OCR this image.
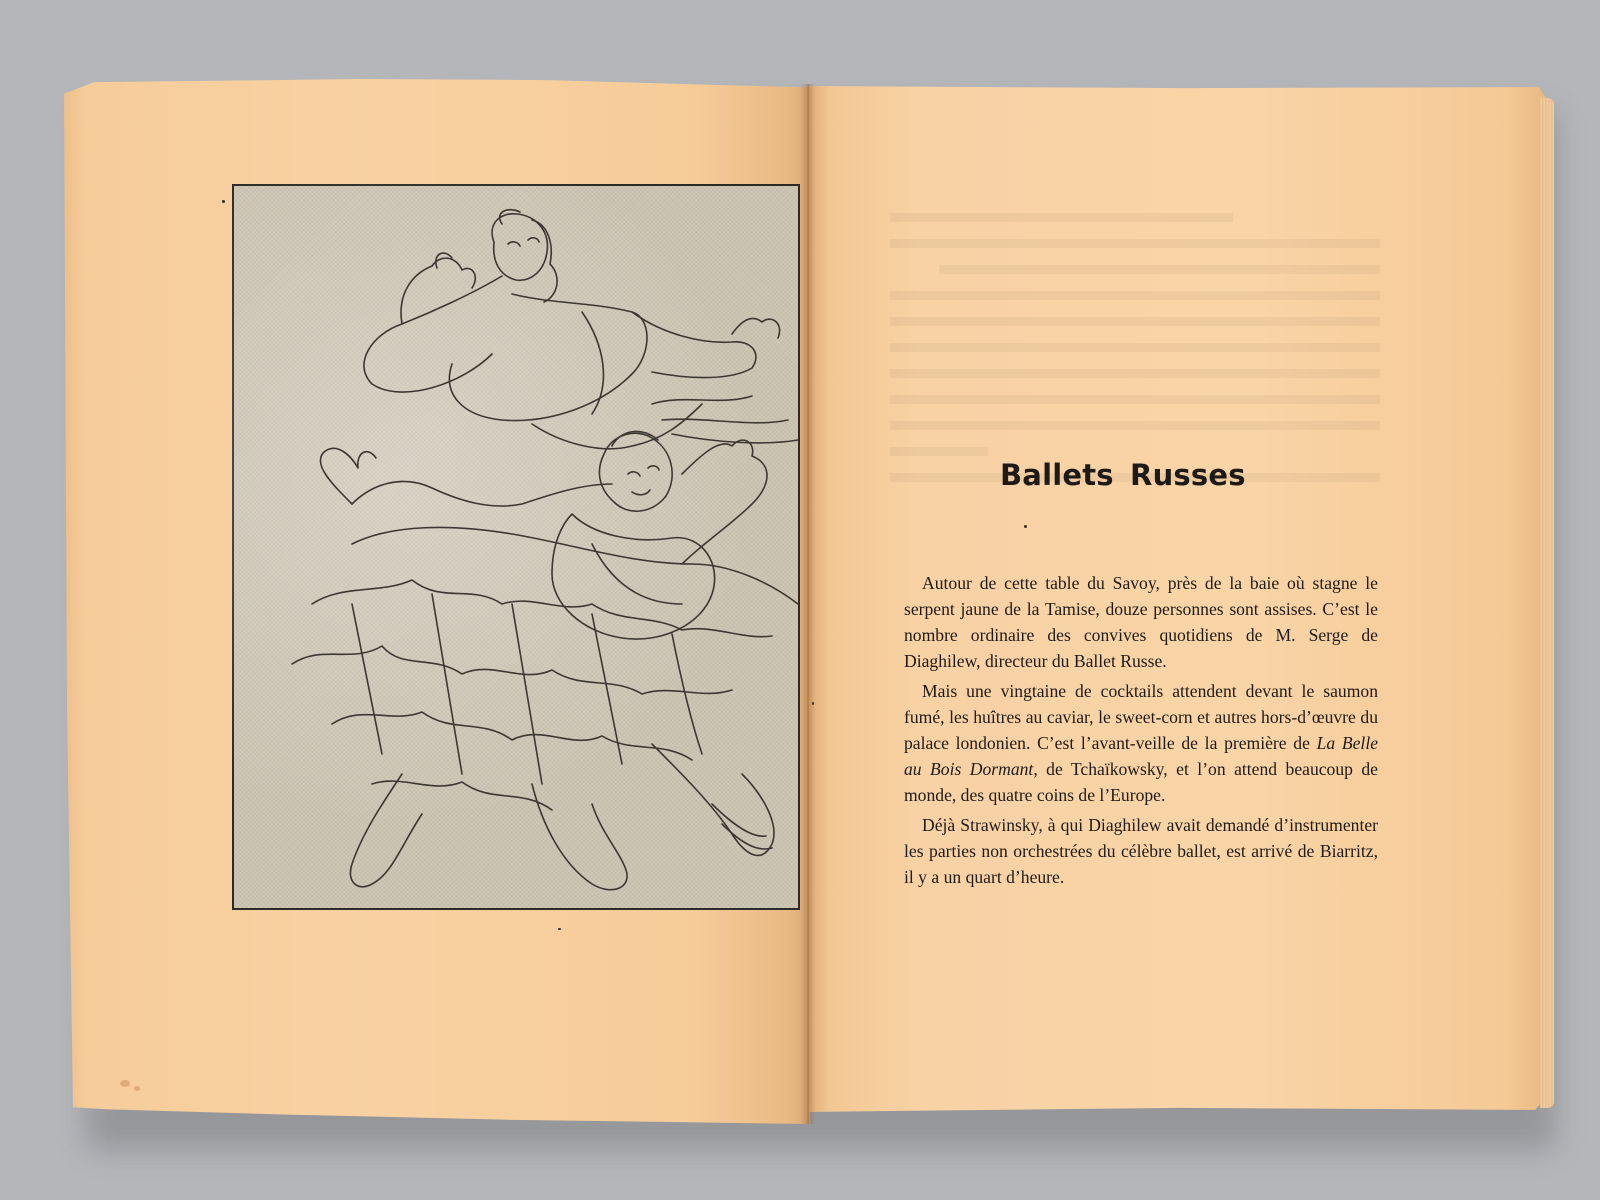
Ballets Russes

Autour de cette table du Savoy, près de la baie où stagne le serpent jaune de la Tamise, douze personnes sont assises. C’est le nombre ordinaire des convives quotidiens de M. Serge de Diaghilew, directeur du Ballet Russe.

Mais une vingtaine de cocktails attendent devant le saumon fumé, les huîtres au caviar, le sweet-corn et autres hors-d’œuvre du palace londonien. C’est l’avant-veille de la première de La Belle au Bois Dormant, de Tchaïkowsky, et l’on attend beaucoup de monde, des quatre coins de l’Europe.

Déjà Strawinsky, à qui Diaghilew avait demandé d’instrumenter les parties non orchestrées du célèbre ballet, est arrivé de Biarritz, il y a un quart d’heure.
